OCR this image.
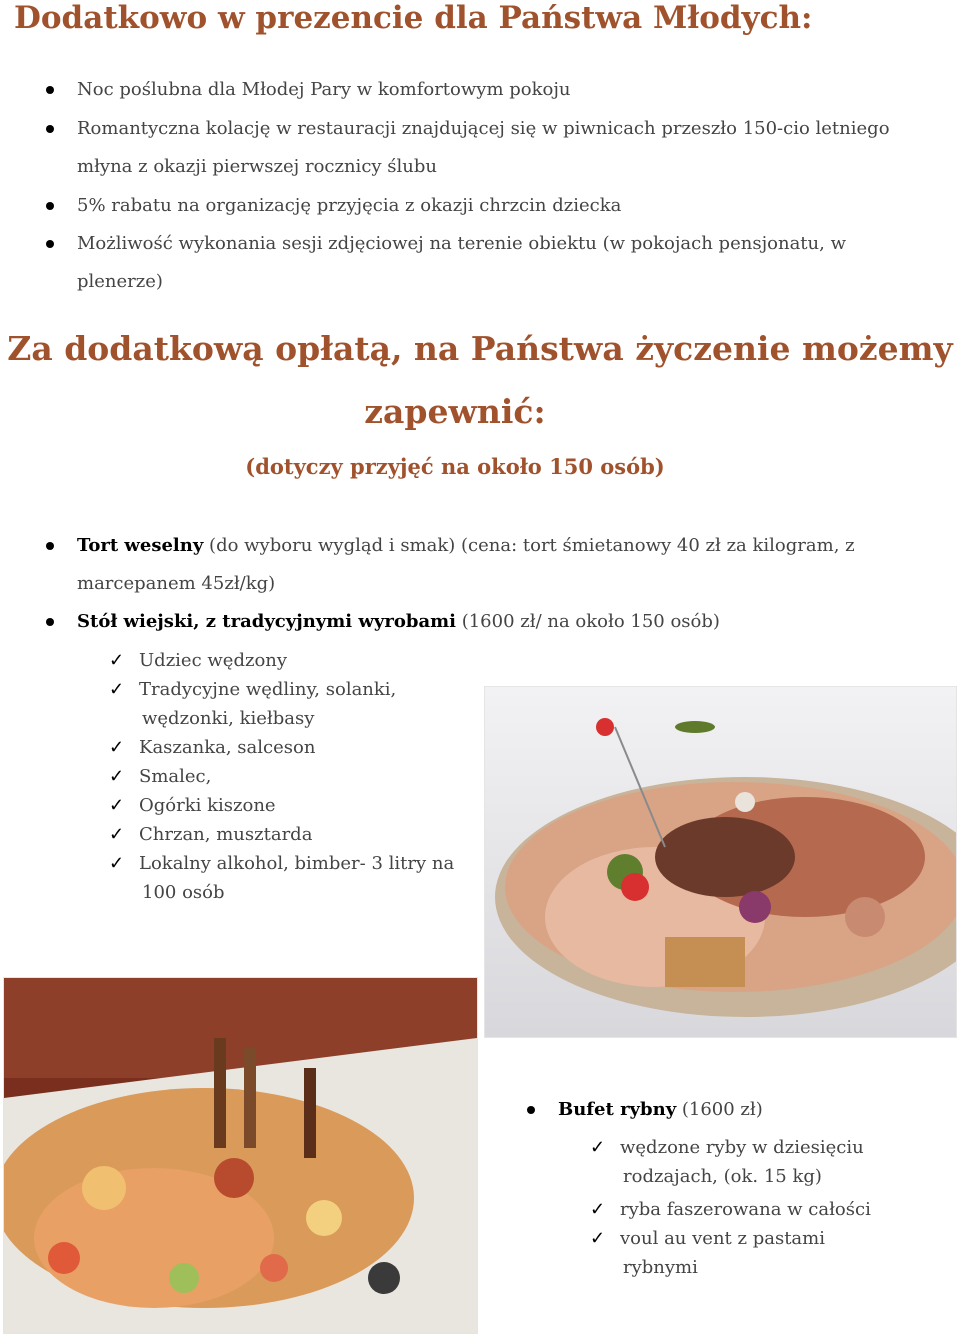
Dodatkowo w prezencie dla Państwa Młodych:
Noc poślubna dla Młodej Pary w komfortowym pokoju
Romantyczna kolację w restauracji znajdującej się w piwnicach przeszło 150-cio letniego
młyna z okazji pierwszej rocznicy ślubu
5% rabatu na organizację przyjęcia z okazji chrzcin dziecka
Możliwość wykonania sesji zdjęciowej na terenie obiektu (w pokojach pensjonatu, w
plenerze)
Za dodatkową opłatą, na Państwa życzenie możemy
zapewnić:
(dotyczy przyjęć na około 150 osób)
Tort weselny (do wyboru wygląd i smak) (cena: tort śmietanowy 40 zł za kilogram, z
marcepanem 45zł/kg)
Stół wiejski, z tradycyjnymi wyrobami (1600 zł/ na około 150 osób)
✓ Udziec wędzony
✓ Tradycyjne wędliny, solanki,
wędzonki, kiełbasy
✓ Kaszanka, salceson
✓ Smalec,
✓ Ogórki kiszone
✓ Chrzan, musztarda
✓ Lokalny alkohol, bimber- 3 litry na
100 osób
Bufet rybny (1600 zł)
✓ wędzone ryby w dziesięciu
rodzajach, (ok. 15 kg)
✓ ryba faszerowana w całości
✓ voul au vent z pastami
rybnymi
